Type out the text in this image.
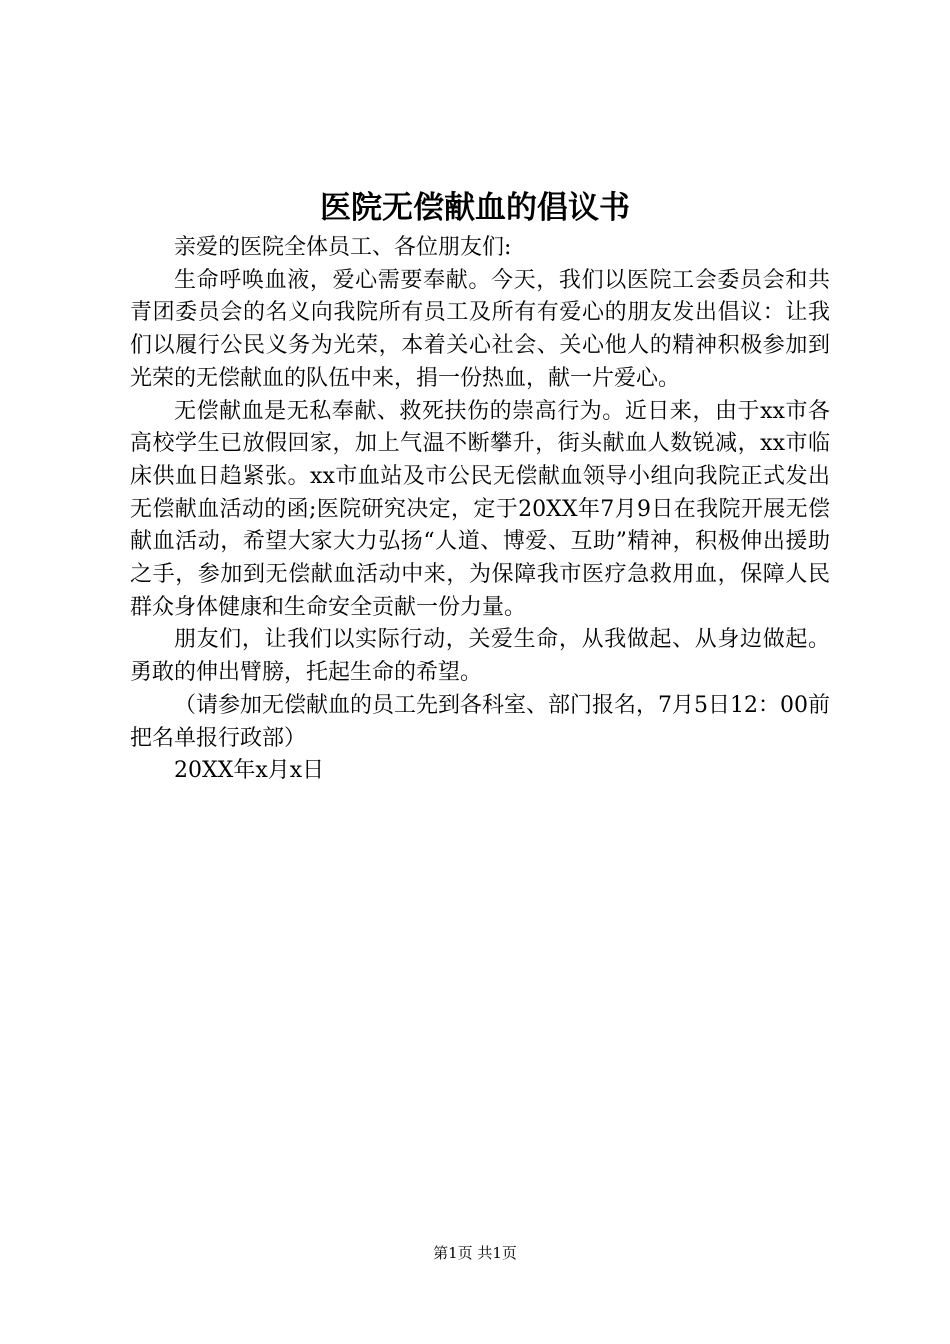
医院无偿献血的倡议书

亲爱的医院全体员工、各位朋友们:

生命呼唤血液，爱心需要奉献。今天，我们以医院工会委员会和共青团委员会的名义向我院所有员工及所有有爱心的朋友发出倡议：让我们以履行公民义务为光荣，本着关心社会、关心他人的精神积极参加到光荣的无偿献血的队伍中来，捐一份热血，献一片爱心。

无偿献血是无私奉献、救死扶伤的崇高行为。近日来，由于xx市各高校学生已放假回家，加上气温不断攀升，街头献血人数锐减，xx市临床供血日趋紧张。xx市血站及市公民无偿献血领导小组向我院正式发出无偿献血活动的函;医院研究决定，定于20XX年7月9日在我院开展无偿献血活动，希望大家大力弘扬“人道、博爱、互助”精神，积极伸出援助之手，参加到无偿献血活动中来，为保障我市医疗急救用血，保障人民群众身体健康和生命安全贡献一份力量。

朋友们，让我们以实际行动，关爱生命，从我做起、从身边做起。勇敢的伸出臂膀，托起生命的希望。

（请参加无偿献血的员工先到各科室、部门报名，7月5日12：00前把名单报行政部）

20XX年x月x日

第1页 共1页
